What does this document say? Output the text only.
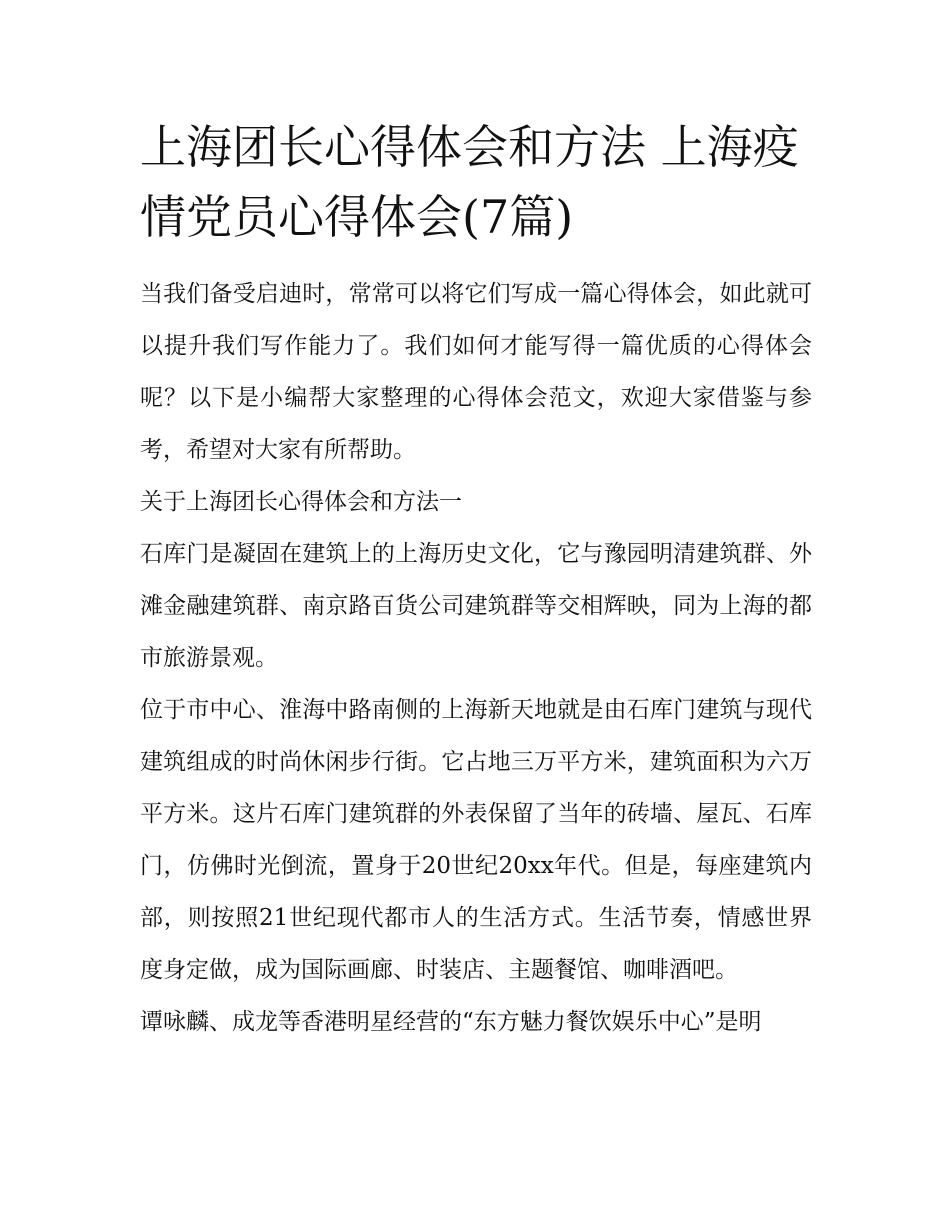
上海团长心得体会和方法 上海疫情党员心得体会(7篇)

当我们备受启迪时，常常可以将它们写成一篇心得体会，如此就可以提升我们写作能力了。我们如何才能写得一篇优质的心得体会呢？以下是小编帮大家整理的心得体会范文，欢迎大家借鉴与参考，希望对大家有所帮助。

关于上海团长心得体会和方法一

石库门是凝固在建筑上的上海历史文化，它与豫园明清建筑群、外滩金融建筑群、南京路百货公司建筑群等交相辉映，同为上海的都市旅游景观。

位于市中心、淮海中路南侧的上海新天地就是由石库门建筑与现代建筑组成的时尚休闲步行街。它占地三万平方米，建筑面积为六万平方米。这片石库门建筑群的外表保留了当年的砖墙、屋瓦、石库门，仿佛时光倒流，置身于20世纪20xx年代。但是，每座建筑内部，则按照21世纪现代都市人的生活方式。生活节奏，情感世界度身定做，成为国际画廊、时装店、主题餐馆、咖啡酒吧。

谭咏麟、成龙等香港明星经营的“东方魅力餐饮娱乐中心”是明
